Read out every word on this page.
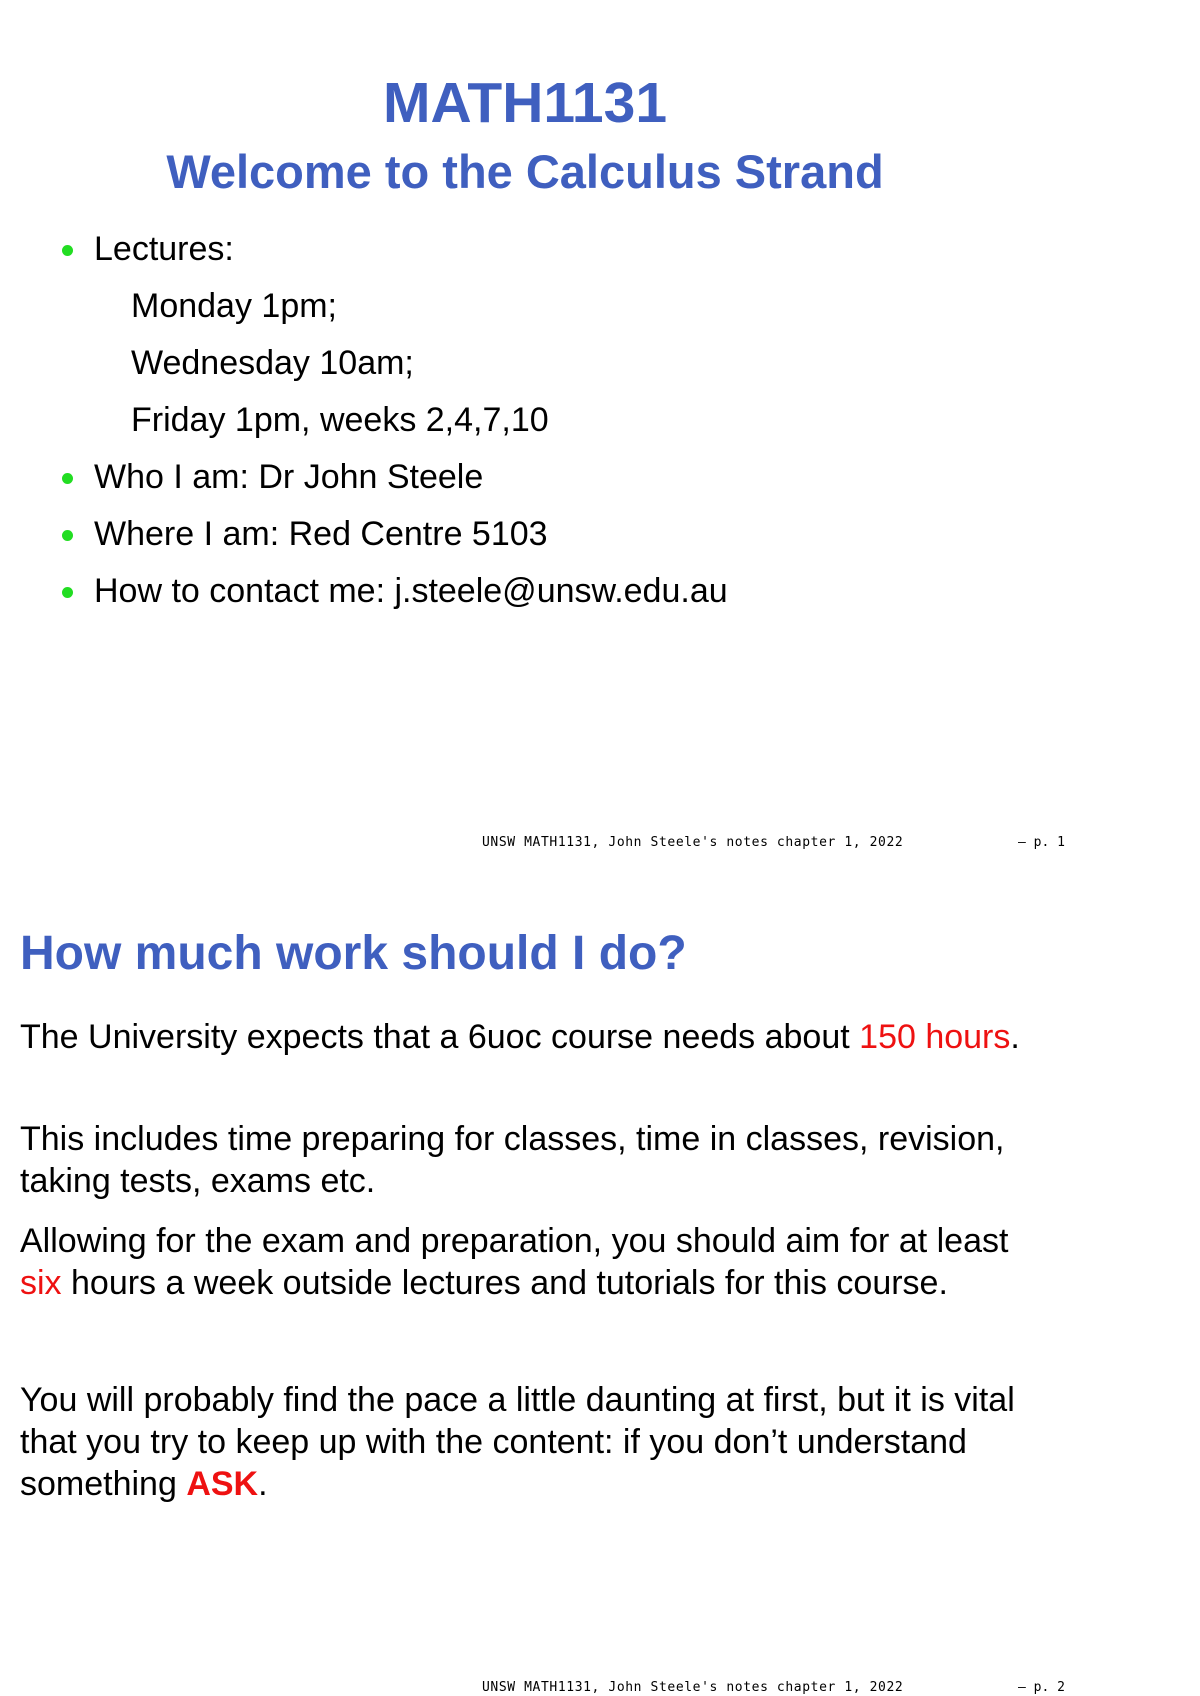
MATH1131
Welcome to the Calculus Strand
Lectures:
Monday 1pm;
Wednesday 10am;
Friday 1pm, weeks 2,4,7,10
Who I am: Dr John Steele
Where I am: Red Centre 5103
How to contact me: j.steele@unsw.edu.au
UNSW MATH1131, John Steele's notes chapter 1, 2022	– p. 1
How much work should I do?

The University expects that a 6uoc course needs about 150 hours.

This includes time preparing for classes, time in classes, revision, taking tests, exams etc.

Allowing for the exam and preparation, you should aim for at least six hours a week outside lectures and tutorials for this course.

You will probably find the pace a little daunting at first, but it is vital that you try to keep up with the content: if you don’t understand something ASK.

UNSW MATH1131, John Steele's notes chapter 1, 2022	– p. 2
